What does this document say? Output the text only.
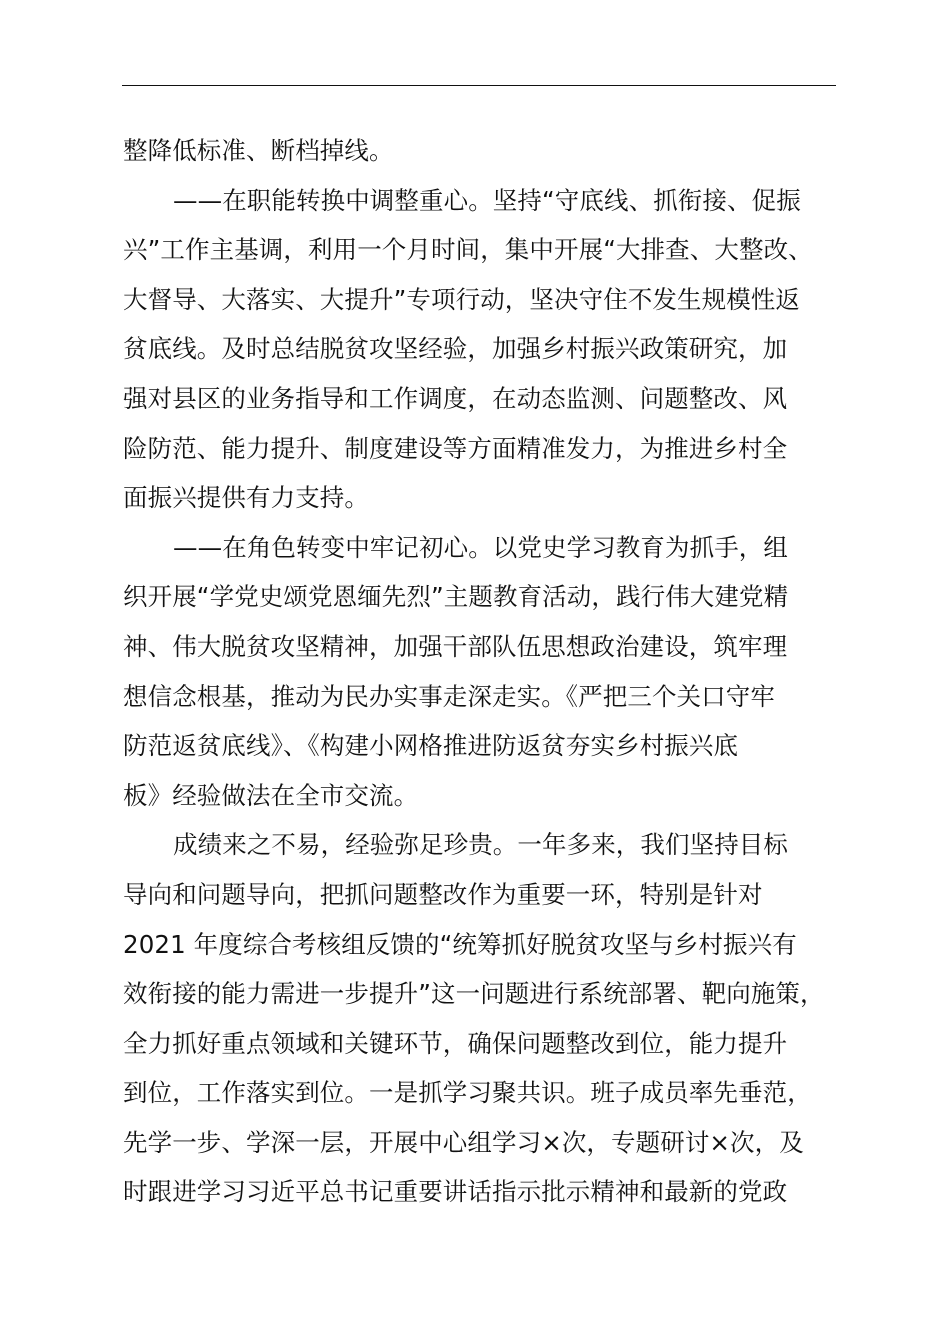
整降低标准、断档掉线。
——在职能转换中调整重心。坚持“守底线、抓衔接、促振
兴”工作主基调，利用一个月时间，集中开展“大排查、大整改、
大督导、大落实、大提升”专项行动，坚决守住不发生规模性返
贫底线。及时总结脱贫攻坚经验，加强乡村振兴政策研究，加
强对县区的业务指导和工作调度，在动态监测、问题整改、风
险防范、能力提升、制度建设等方面精准发力，为推进乡村全
面振兴提供有力支持。
——在角色转变中牢记初心。以党史学习教育为抓手，组
织开展“学党史颂党恩缅先烈”主题教育活动，践行伟大建党精
神、伟大脱贫攻坚精神，加强干部队伍思想政治建设，筑牢理
想信念根基，推动为民办实事走深走实。《严把三个关口守牢
防范返贫底线》、《构建小网格推进防返贫夯实乡村振兴底
板》经验做法在全市交流。
成绩来之不易，经验弥足珍贵。一年多来，我们坚持目标
导向和问题导向，把抓问题整改作为重要一环，特别是针对
2021 年度综合考核组反馈的“统筹抓好脱贫攻坚与乡村振兴有
效衔接的能力需进一步提升”这一问题进行系统部署、靶向施策，
全力抓好重点领域和关键环节，确保问题整改到位，能力提升
到位，工作落实到位。一是抓学习聚共识。班子成员率先垂范，
先学一步、学深一层，开展中心组学习×次，专题研讨×次，及
时跟进学习习近平总书记重要讲话指示批示精神和最新的党政
